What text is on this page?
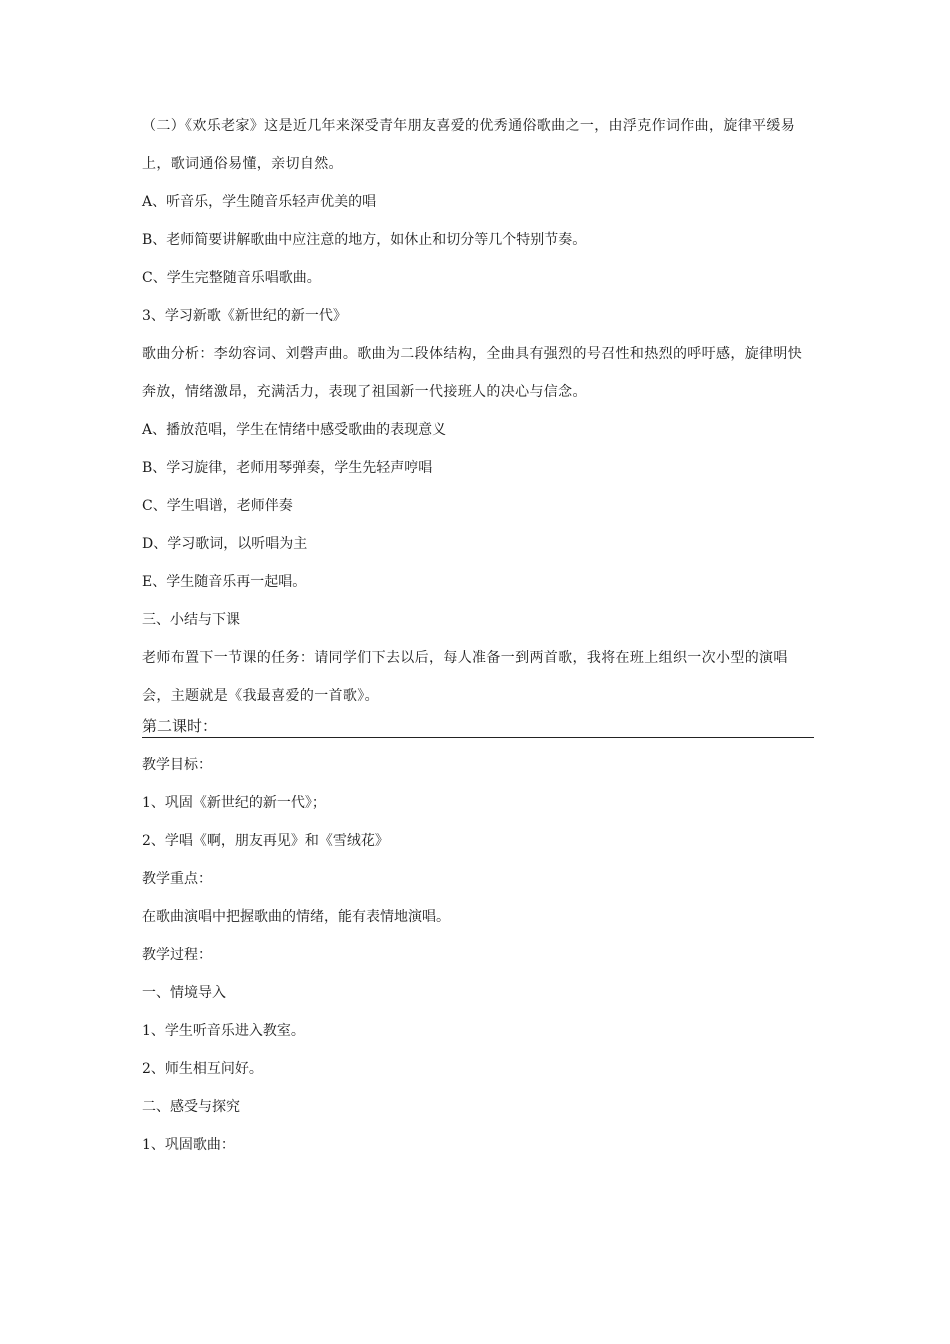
（二）《欢乐老家》这是近几年来深受青年朋友喜爱的优秀通俗歌曲之一，由浮克作词作曲，旋律平缓易上，歌词通俗易懂，亲切自然。

A、听音乐，学生随音乐轻声优美的唱

B、老师简要讲解歌曲中应注意的地方，如休止和切分等几个特别节奏。

C、学生完整随音乐唱歌曲。

3、学习新歌《新世纪的新一代》

歌曲分析：李幼容词、刘磬声曲。歌曲为二段体结构，全曲具有强烈的号召性和热烈的呼吁感，旋律明快奔放，情绪激昂，充满活力，表现了祖国新一代接班人的决心与信念。

A、播放范唱，学生在情绪中感受歌曲的表现意义

B、学习旋律，老师用琴弹奏，学生先轻声哼唱

C、学生唱谱，老师伴奏

D、学习歌词，以听唱为主

E、学生随音乐再一起唱。

三、小结与下课

老师布置下一节课的任务：请同学们下去以后，每人准备一到两首歌，我将在班上组织一次小型的演唱会，主题就是《我最喜爱的一首歌》。

第二课时：

教学目标：

1、巩固《新世纪的新一代》；

2、学唱《啊，朋友再见》和《雪绒花》

教学重点：

在歌曲演唱中把握歌曲的情绪，能有表情地演唱。

教学过程：

一、情境导入

1、学生听音乐进入教室。

2、师生相互问好。

二、感受与探究

1、巩固歌曲：
